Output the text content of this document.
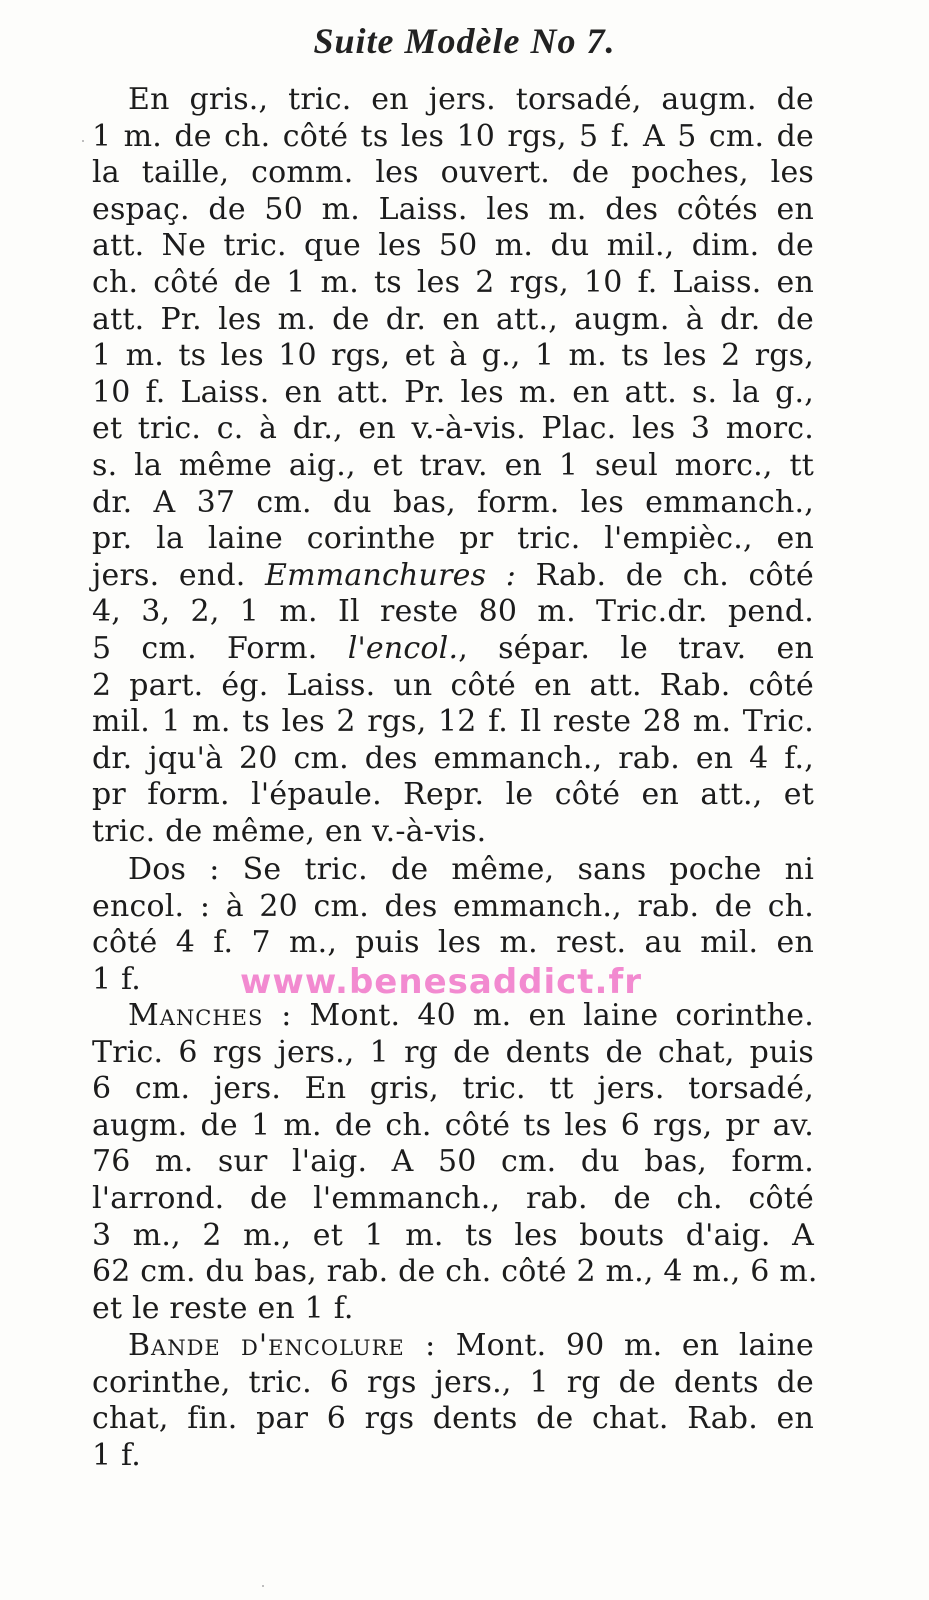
Suite Modèle No 7.
En gris., tric. en jers. torsadé, augm. de
1 m. de ch. côté ts les 10 rgs, 5 f. A 5 cm. de
la taille, comm. les ouvert. de poches, les
espaç. de 50 m. Laiss. les m. des côtés en
att. Ne tric. que les 50 m. du mil., dim. de
ch. côté de 1 m. ts les 2 rgs, 10 f. Laiss. en
att. Pr. les m. de dr. en att., augm. à dr. de
1 m. ts les 10 rgs, et à g., 1 m. ts les 2 rgs,
10 f. Laiss. en att. Pr. les m. en att. s. la g.,
et tric. c. à dr., en v.-à-vis. Plac. les 3 morc.
s. la même aig., et trav. en 1 seul morc., tt
dr. A 37 cm. du bas, form. les emmanch.,
pr. la laine corinthe pr tric. l'empièc., en
jers. end. Emmanchures : Rab. de ch. côté
4, 3, 2, 1 m. Il reste 80 m. Tric.dr. pend.
5 cm. Form. l'encol., sépar. le trav. en
2 part. ég. Laiss. un côté en att. Rab. côté
mil. 1 m. ts les 2 rgs, 12 f. Il reste 28 m. Tric.
dr. jqu'à 20 cm. des emmanch., rab. en 4 f.,
pr form. l'épaule. Repr. le côté en att., et
tric. de même, en v.-à-vis.
Dos : Se tric. de même, sans poche ni
encol. : à 20 cm. des emmanch., rab. de ch.
côté 4 f. 7 m., puis les m. rest. au mil. en
1 f.
Manches : Mont. 40 m. en laine corinthe.
Tric. 6 rgs jers., 1 rg de dents de chat, puis
6 cm. jers. En gris, tric. tt jers. torsadé,
augm. de 1 m. de ch. côté ts les 6 rgs, pr av.
76 m. sur l'aig. A 50 cm. du bas, form.
l'arrond. de l'emmanch., rab. de ch. côté
3 m., 2 m., et 1 m. ts les bouts d'aig. A
62 cm. du bas, rab. de ch. côté 2 m., 4 m., 6 m.
et le reste en 1 f.
Bande d'encolure : Mont. 90 m. en laine
corinthe, tric. 6 rgs jers., 1 rg de dents de
chat, fin. par 6 rgs dents de chat. Rab. en
1 f.
www.benesaddict.fr
